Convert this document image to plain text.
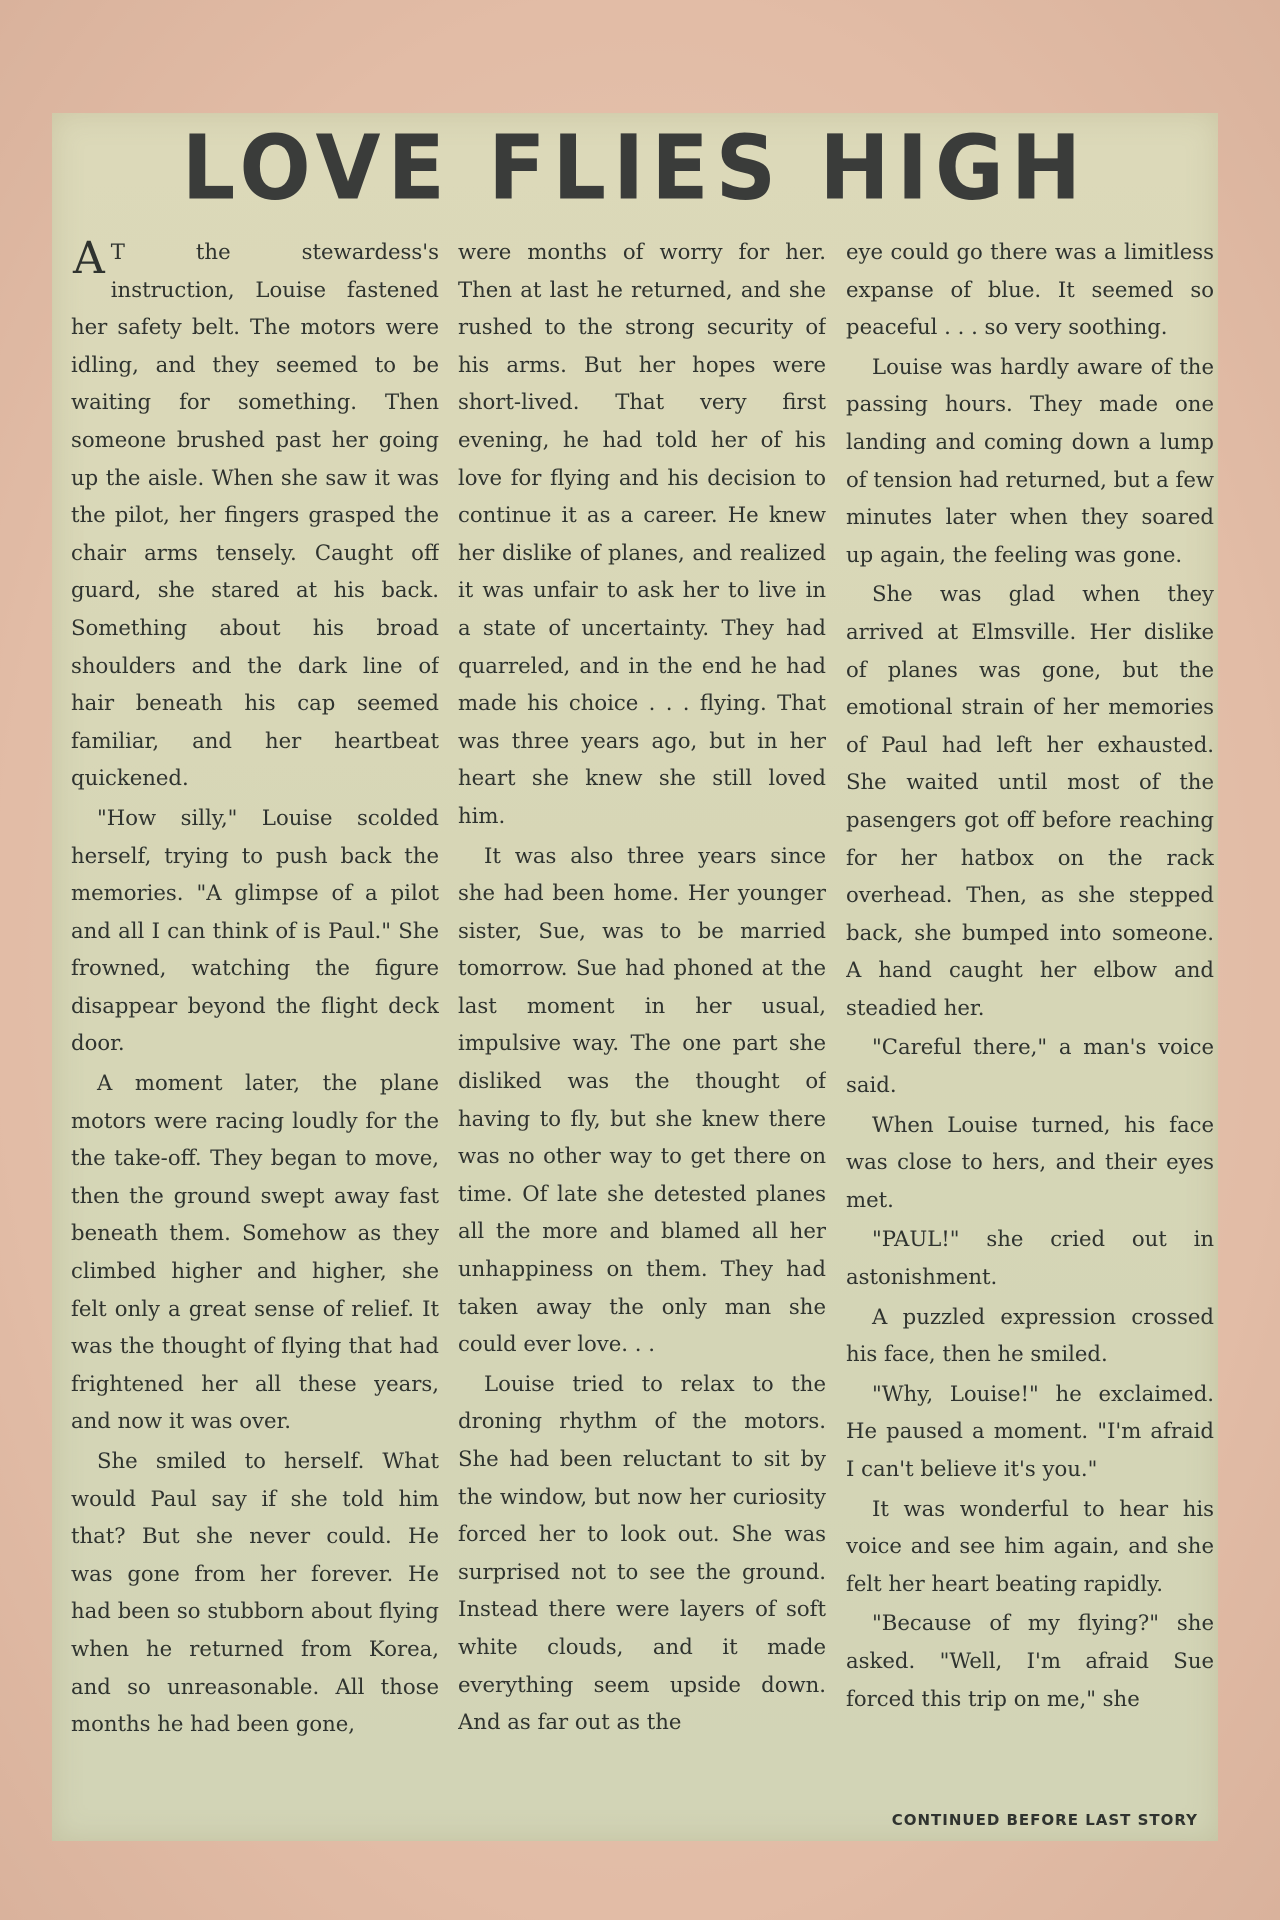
LOVE FLIES HIGH

A T the stewardess's instruction, Louise fastened her safety belt. The motors were idling, and they seemed to be waiting for something. Then someone brushed past her going up the aisle. When she saw it was the pilot, her fingers grasped the chair arms tensely. Caught off guard, she stared at his back. Something about his broad shoulders and the dark line of hair beneath his cap seemed familiar, and her heartbeat quickened.

"How silly," Louise scolded herself, trying to push back the memories. "A glimpse of a pilot and all I can think of is Paul." She frowned, watching the figure disappear beyond the flight deck door.

A moment later, the plane motors were racing loudly for the the take-off. They began to move, then the ground swept away fast beneath them. Somehow as they climbed higher and higher, she felt only a great sense of relief. It was the thought of flying that had frightened her all these years, and now it was over.

She smiled to herself. What would Paul say if she told him that? But she never could. He was gone from her forever. He had been so stubborn about flying when he returned from Korea, and so unreasonable. All those months he had been gone,

were months of worry for her. Then at last he returned, and she rushed to the strong security of his arms. But her hopes were short-lived. That very first evening, he had told her of his love for flying and his decision to continue it as a career. He knew her dislike of planes, and realized it was unfair to ask her to live in a state of uncertainty. They had quarreled, and in the end he had made his choice . . . flying. That was three years ago, but in her heart she knew she still loved him.

It was also three years since she had been home. Her younger sister, Sue, was to be married tomorrow. Sue had phoned at the last moment in her usual, impulsive way. The one part she disliked was the thought of having to fly, but she knew there was no other way to get there on time. Of late she detested planes all the more and blamed all her unhappiness on them. They had taken away the only man she could ever love. . .

Louise tried to relax to the droning rhythm of the motors. She had been reluctant to sit by the window, but now her curiosity forced her to look out. She was surprised not to see the ground. Instead there were layers of soft white clouds, and it made everything seem upside down. And as far out as the

eye could go there was a limitless expanse of blue. It seemed so peaceful . . . so very soothing.

Louise was hardly aware of the passing hours. They made one landing and coming down a lump of tension had returned, but a few minutes later when they soared up again, the feeling was gone.

She was glad when they arrived at Elmsville. Her dislike of planes was gone, but the emotional strain of her memories of Paul had left her exhausted. She waited until most of the pasengers got off before reaching for her hatbox on the rack overhead. Then, as she stepped back, she bumped into someone. A hand caught her elbow and steadied her.

"Careful there," a man's voice said.

When Louise turned, his face was close to hers, and their eyes met.

"PAUL!" she cried out in astonishment.

A puzzled expression crossed his face, then he smiled.

"Why, Louise!" he exclaimed. He paused a moment. "I'm afraid I can't believe it's you."

It was wonderful to hear his voice and see him again, and she felt her heart beating rapidly.

"Because of my flying?" she asked. "Well, I'm afraid Sue forced this trip on me," she

CONTINUED BEFORE LAST STORY
